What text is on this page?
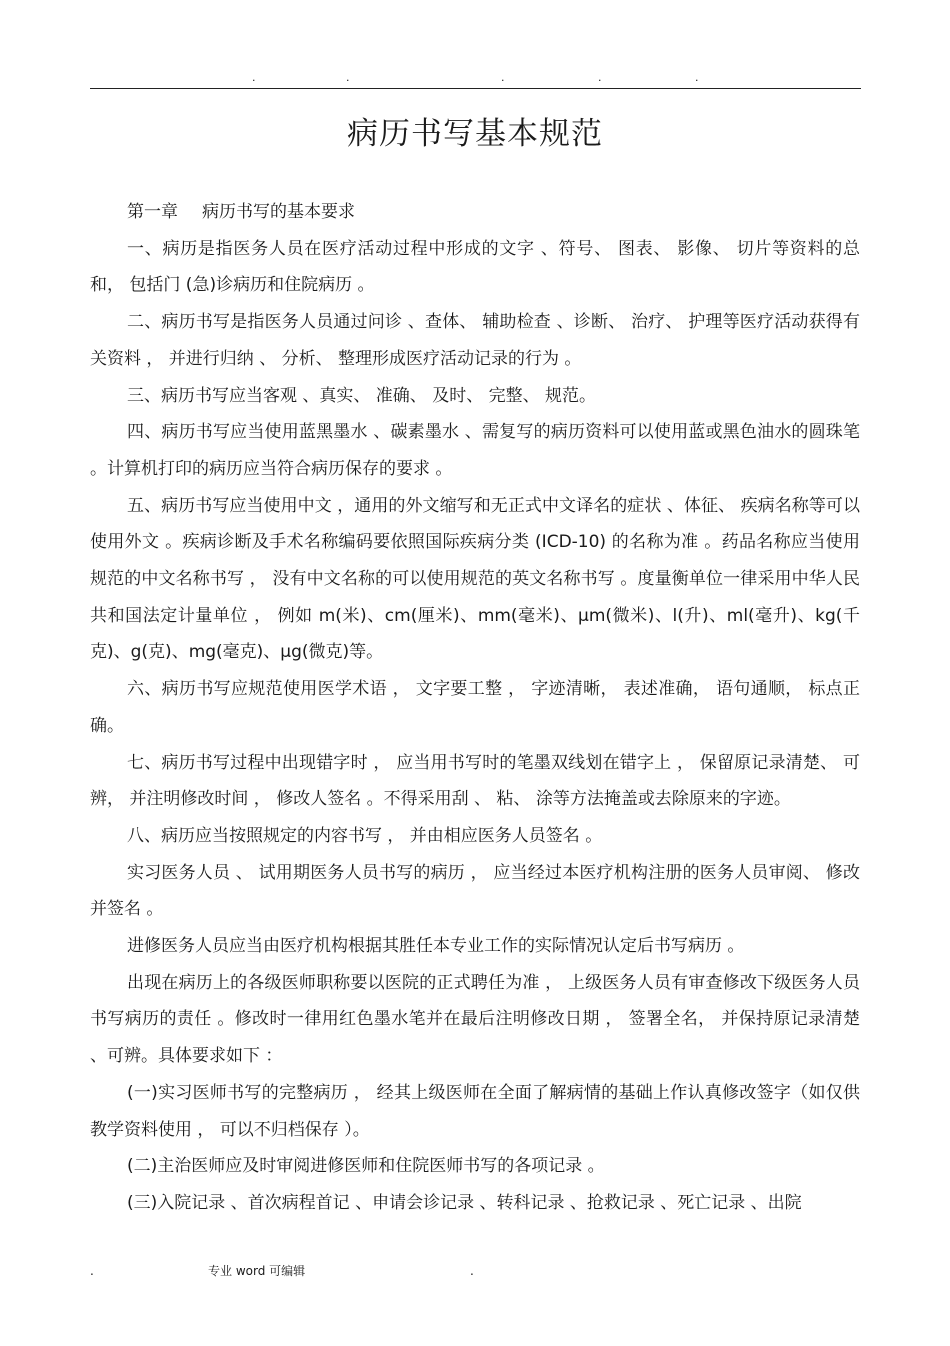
.	.	.	.	.
病历书写基本规范

第一章 病历书写的基本要求

一、病历是指医务人员在医疗活动过程中形成的文字 、符号、 图表、 影像、 切片等资料的总和， 包括门 (急)诊病历和住院病历 。

二、病历书写是指医务人员通过问诊 、查体、 辅助检查 、诊断、 治疗、 护理等医疗活动获得有关资料 ， 并进行归纳 、 分析、 整理形成医疗活动记录的行为 。

三、病历书写应当客观 、真实、 准确、 及时、 完整、 规范。

四、病历书写应当使用蓝黑墨水 、碳素墨水 、需复写的病历资料可以使用蓝或黑色油水的圆珠笔 。计算机打印的病历应当符合病历保存的要求 。

五、病历书写应当使用中文 ，通用的外文缩写和无正式中文译名的症状 、体征、 疾病名称等可以使用外文 。疾病诊断及手术名称编码要依照国际疾病分类 (ICD-10) 的名称为准 。药品名称应当使用规范的中文名称书写 ， 没有中文名称的可以使用规范的英文名称书写 。度量衡单位一律采用中华人民共和国法定计量单位 ， 例如 m(米)、cm(厘米)、mm(毫米)、μm(微米)、l(升)、ml(毫升)、kg(千克)、g(克)、mg(毫克)、μg(微克)等。

六、病历书写应规范使用医学术语 ， 文字要工整 ， 字迹清晰， 表述准确， 语句通顺， 标点正确。

七、病历书写过程中出现错字时 ， 应当用书写时的笔墨双线划在错字上 ， 保留原记录清楚、 可辨， 并注明修改时间 ， 修改人签名 。不得采用刮 、 粘、 涂等方法掩盖或去除原来的字迹。

八、病历应当按照规定的内容书写 ， 并由相应医务人员签名 。

实习医务人员 、 试用期医务人员书写的病历 ， 应当经过本医疗机构注册的医务人员审阅、 修改并签名 。

进修医务人员应当由医疗机构根据其胜任本专业工作的实际情况认定后书写病历 。

出现在病历上的各级医师职称要以医院的正式聘任为准 ， 上级医务人员有审查修改下级医务人员书写病历的责任 。修改时一律用红色墨水笔并在最后注明修改日期 ， 签署全名， 并保持原记录清楚 、可辨。具体要求如下 ：

(一)实习医师书写的完整病历 ， 经其上级医师在全面了解病情的基础上作认真修改签字（如仅供教学资料使用 ， 可以不归档保存 ）。

(二)主治医师应及时审阅进修医师和住院医师书写的各项记录 。

(三)入院记录 、首次病程首记 、申请会诊记录 、转科记录 、抢救记录 、死亡记录 、出院

.	专业 word 可编辑	.
